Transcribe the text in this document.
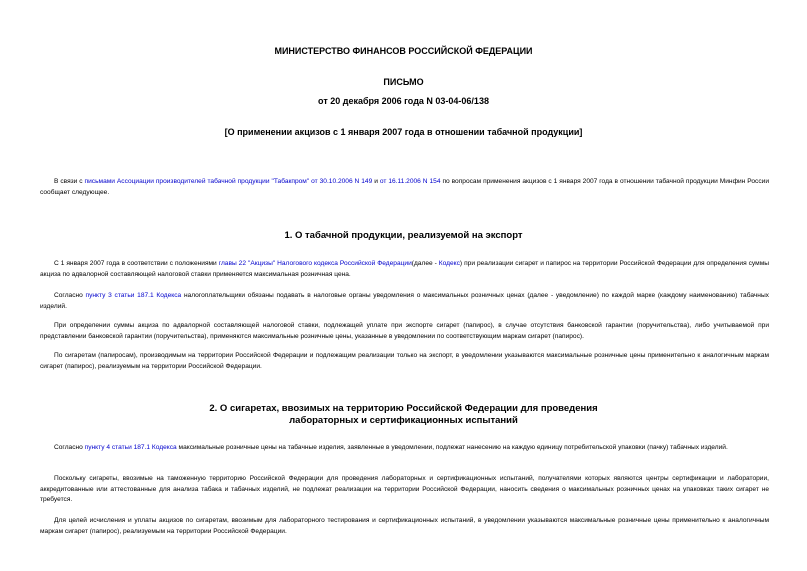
МИНИСТЕРСТВО ФИНАНСОВ РОССИЙСКОЙ ФЕДЕРАЦИИ
ПИСЬМО
от 20 декабря 2006 года N 03-04-06/138
[О применении акцизов с 1 января 2007 года в отношении табачной продукции]
В связи с письмами Ассоциации производителей табачной продукции "Табакпром" от 30.10.2006 N 149 и от 16.11.2006 N 154 по вопросам применения акцизов с 1 января 2007 года в отношении табачной продукции Минфин России сообщает следующее.
1. О табачной продукции, реализуемой на экспорт
С 1 января 2007 года в соответствии с положениями главы 22 "Акцизы" Налогового кодекса Российской Федерации(далее - Кодекс) при реализации сигарет и папирос на территории Российской Федерации для определения суммы акциза по адвалорной составляющей налоговой ставки применяется максимальная розничная цена.
Согласно пункту 3 статьи 187.1 Кодекса налогоплательщики обязаны подавать в налоговые органы уведомления о максимальных розничных ценах (далее - уведомление) по каждой марке (каждому наименованию) табачных изделий.
При определении суммы акциза по адвалорной составляющей налоговой ставки, подлежащей уплате при экспорте сигарет (папирос), в случае отсутствия банковской гарантии (поручительства), либо учитываемой при представлении банковской гарантии (поручительства), применяются максимальные розничные цены, указанные в уведомлении по соответствующим маркам сигарет (папирос).
По сигаретам (папиросам), производимым на территории Российской Федерации и подлежащим реализации только на экспорт, в уведомлении указываются максимальные розничные цены применительно к аналогичным маркам сигарет (папирос), реализуемым на территории Российской Федерации.
2. О сигаретах, ввозимых на территорию Российской Федерации для проведения
лабораторных и сертификационных испытаний
Согласно пункту 4 статьи 187.1 Кодекса максимальные розничные цены на табачные изделия, заявленные в уведомлении, подлежат нанесению на каждую единицу потребительской упаковки (пачку) табачных изделий.
Поскольку сигареты, ввозимые на таможенную территорию Российской Федерации для проведения лабораторных и сертификационных испытаний, получателями которых являются центры сертификации и лаборатории, аккредитованные или аттестованные для анализа табака и табачных изделий, не подлежат реализации на территории Российской Федерации, наносить сведения о максимальных розничных ценах на упаковках таких сигарет не требуется.
Для целей исчисления и уплаты акцизов по сигаретам, ввозимым для лабораторного тестирования и сертификационных испытаний, в уведомлении указываются максимальные розничные цены применительно к аналогичным маркам сигарет (папирос), реализуемым на территории Российской Федерации.
